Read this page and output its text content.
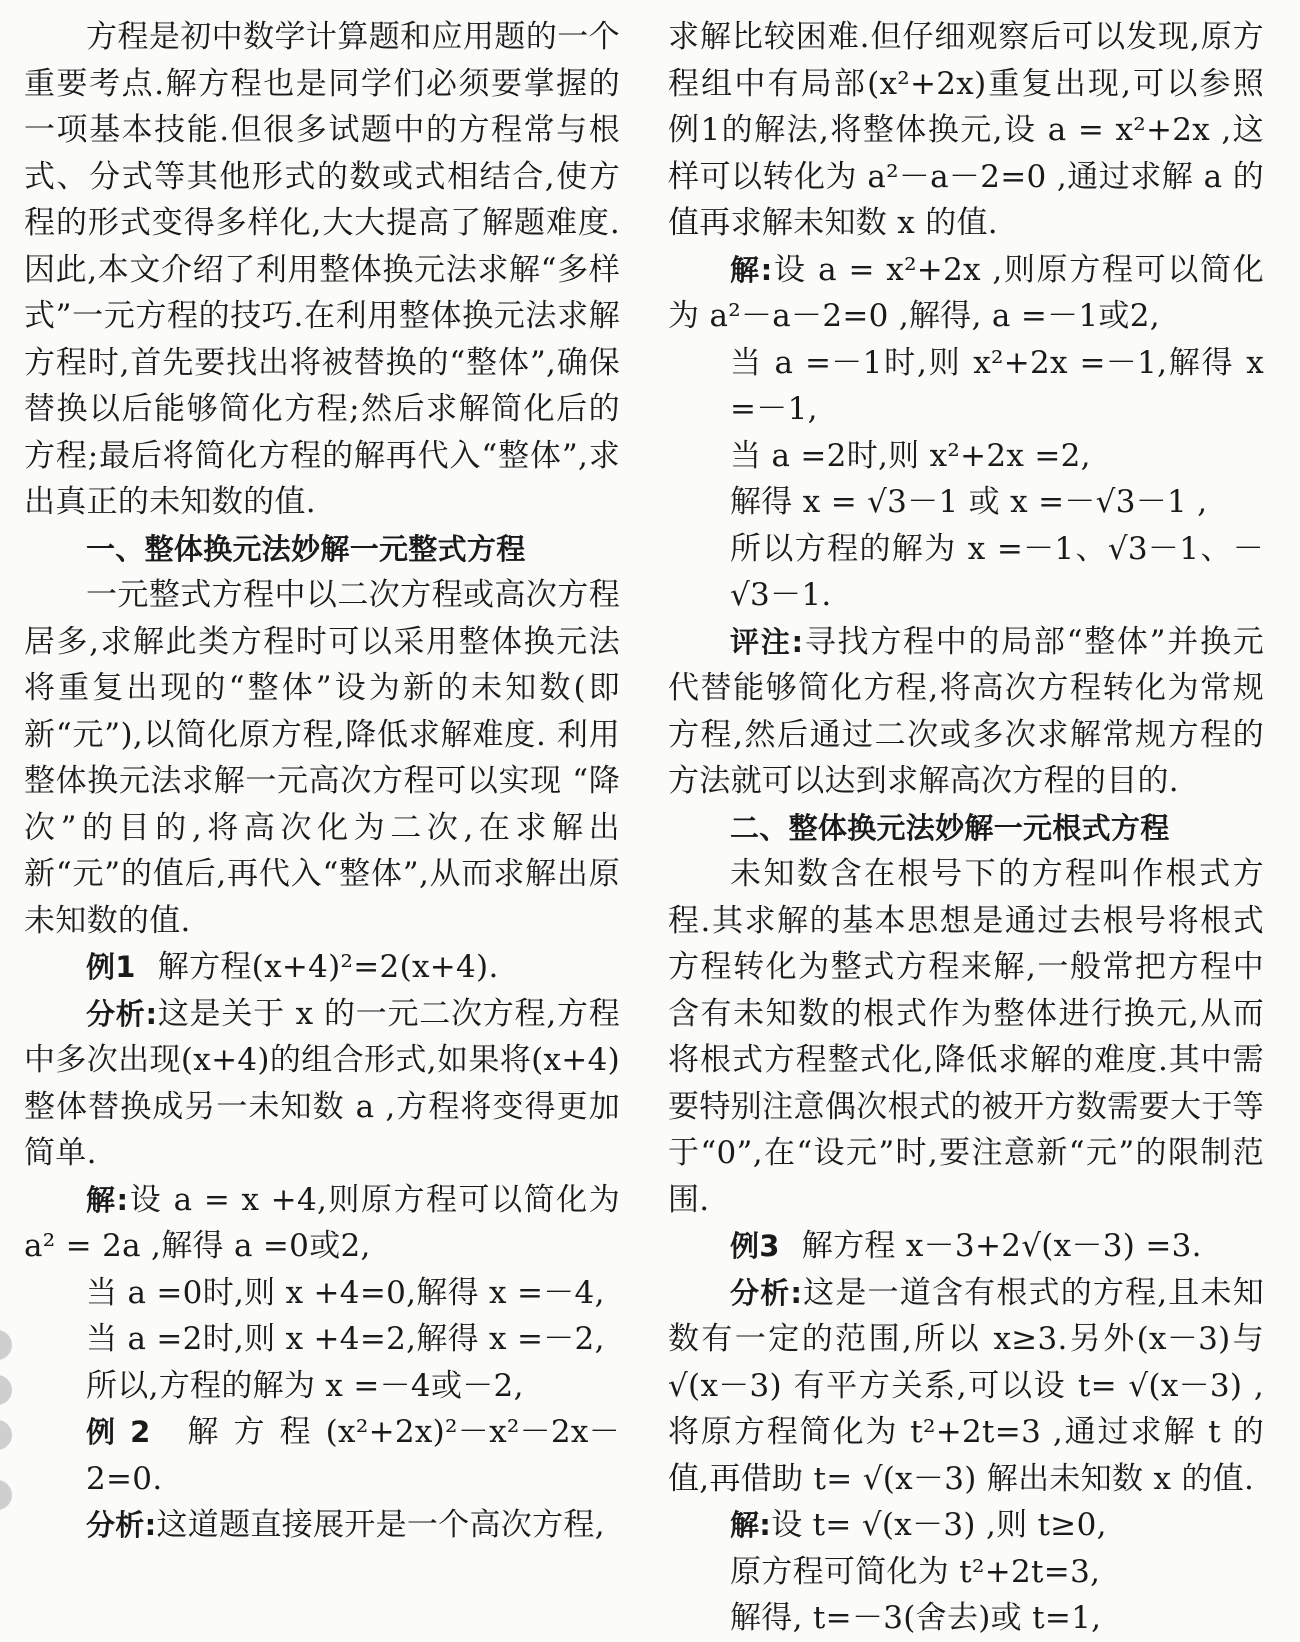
方程是初中数学计算题和应用题的一个重要考点.解方程也是同学们必须要掌握的一项基本技能.但很多试题中的方程常与根式、分式等其他形式的数或式相结合,使方程的形式变得多样化,大大提高了解题难度.因此,本文介绍了利用整体换元法求解“多样式”一元方程的技巧.在利用整体换元法求解方程时,首先要找出将被替换的“整体”,确保替换以后能够简化方程;然后求解简化后的方程;最后将简化方程的解再代入“整体”,求出真正的未知数的值.

一、整体换元法妙解一元整式方程

一元整式方程中以二次方程或高次方程居多,求解此类方程时可以采用整体换元法将重复出现的“整体”设为新的未知数(即新“元”),以简化原方程,降低求解难度. 利用整体换元法求解一元高次方程可以实现 “降次”的目的,将高次化为二次,在求解出新“元”的值后,再代入“整体”,从而求解出原未知数的值.

例1 解方程(x+4)²=2(x+4).

分析:这是关于 x 的一元二次方程,方程中多次出现(x+4)的组合形式,如果将(x+4)整体替换成另一未知数 a ,方程将变得更加简单.

解:设 a = x +4,则原方程可以简化为 a² = 2a ,解得 a =0或2,

当 a =0时,则 x +4=0,解得 x =－4,

当 a =2时,则 x +4=2,解得 x =－2,

所以,方程的解为 x =－4或－2,

例2 解方程(x²+2x)²－x²－2x－2=0.

分析:这道题直接展开是一个高次方程,

求解比较困难.但仔细观察后可以发现,原方程组中有局部(x²+2x)重复出现,可以参照例1的解法,将整体换元,设 a = x²+2x ,这样可以转化为 a²－a－2=0 ,通过求解 a 的值再求解未知数 x 的值.

解:设 a = x²+2x ,则原方程可以简化为 a²－a－2=0 ,解得, a =－1或2,

当 a =－1时,则 x²+2x =－1,解得 x =－1,

当 a =2时,则 x²+2x =2,

解得 x = √3－1 或 x =－√3－1 ,

所以方程的解为 x =－1、√3－1、－√3－1.

评注:寻找方程中的局部“整体”并换元代替能够简化方程,将高次方程转化为常规方程,然后通过二次或多次求解常规方程的方法就可以达到求解高次方程的目的.

二、整体换元法妙解一元根式方程

未知数含在根号下的方程叫作根式方程.其求解的基本思想是通过去根号将根式方程转化为整式方程来解,一般常把方程中含有未知数的根式作为整体进行换元,从而将根式方程整式化,降低求解的难度.其中需要特别注意偶次根式的被开方数需要大于等于“0”,在“设元”时,要注意新“元”的限制范围.

例3 解方程 x－3+2√(x－3) =3.

分析:这是一道含有根式的方程,且未知数有一定的范围,所以 x≥3.另外(x－3)与 √(x－3) 有平方关系,可以设 t= √(x－3) ,将原方程简化为 t²+2t=3 ,通过求解 t 的值,再借助 t= √(x－3) 解出未知数 x 的值.

解:设 t= √(x－3) ,则 t≥0,

原方程可简化为 t²+2t=3,

解得, t=－3(舍去)或 t=1,
